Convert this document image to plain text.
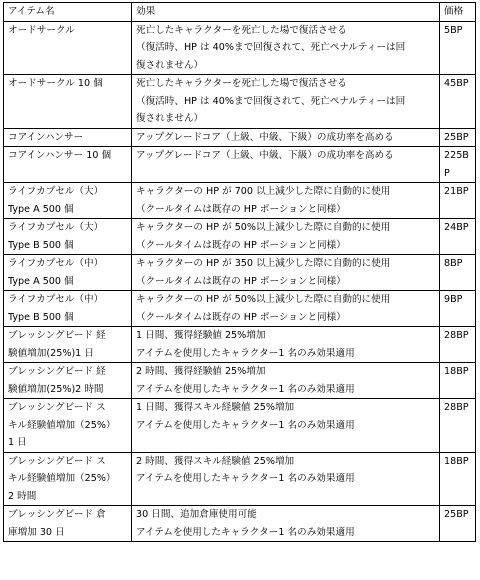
アイテム名	効果	価格

オードサークル	死亡したキャラクターを死亡した場で復活させる
（復活時、HP は 40%まで回復されて、死亡ペナルティーは回
復されません）	5BP

オードサークル 10 個	死亡したキャラクターを死亡した場で復活させる
（復活時、HP は 40%まで回復されて、死亡ペナルティーは回
復されません）	45BP

コアインハンサー	アップグレードコア（上級、中級、下級）の成功率を高める	25BP

コアインハンサー 10 個	アップグレードコア（上級、中級、下級）の成功率を高める	225BP

ライフカプセル（大）
Type A 500 個	キャラクターの HP が 700 以上減少した際に自動的に使用
（クールタイムは既存の HP ポーションと同様）	21BP

ライフカプセル（大）
Type B 500 個	キャラクターの HP が 50%以上減少した際に自動的に使用
（クールタイムは既存の HP ポーションと同様）	24BP

ライフカプセル（中）
Type A 500 個	キャラクターの HP が 350 以上減少した際に自動的に使用
（クールタイムは既存の HP ポーションと同様）	8BP

ライフカプセル（中）
Type B 500 個	キャラクターの HP が 50%以上減少した際に自動的に使用
（クールタイムは既存の HP ポーションと同様）	9BP

ブレッシングビード 経
験値増加(25%)1 日	1 日間、獲得経験値 25%増加
アイテムを使用したキャラクター1 名のみ効果適用	28BP

ブレッシングビード 経
験値増加(25%)2 時間	2 時間、獲得経験値 25%増加
アイテムを使用したキャラクター1 名のみ効果適用	18BP

ブレッシングビード ス
キル経験値増加（25%）
1 日	1 日間、獲得スキル経験値 25%増加
アイテムを使用したキャラクター1 名のみ効果適用	28BP

ブレッシングビード ス
キル経験値増加（25%）
2 時間	2 時間、獲得スキル経験値 25%増加
アイテムを使用したキャラクター1 名のみ効果適用	18BP

ブレッシングビード 倉
庫増加 30 日	30 日間、追加倉庫使用可能
アイテムを使用したキャラクター1 名のみ効果適用	25BP
